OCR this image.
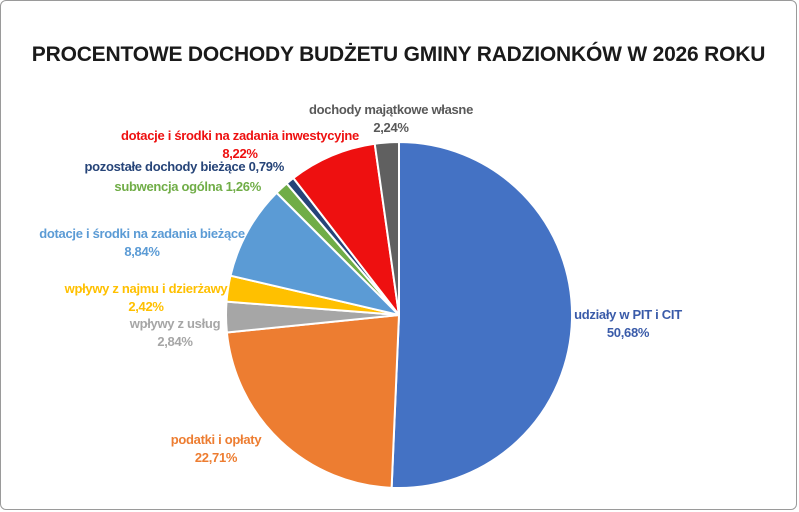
PROCENTOWE DOCHODY BUDŻETU GMINY RADZIONKÓW W 2026 ROKU
dochody majątkowe własne
2,24%
dotacje i środki na zadania inwestycyjne
8,22%
pozostałe dochody bieżące 0,79%
subwencja ogólna 1,26%
dotacje i środki na zadania bieżące
8,84%
wpływy z najmu i dzierżawy
2,42%
wpływy z usług
2,84%
podatki i opłaty
22,71%
udziały w PIT i CIT
50,68%
